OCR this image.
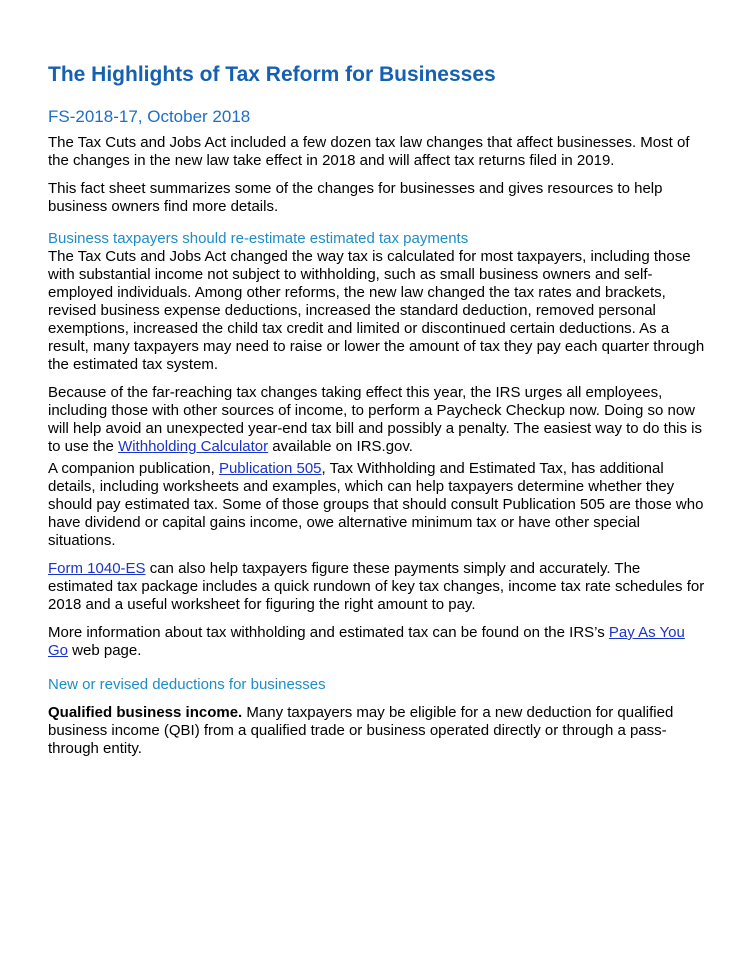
The Highlights of Tax Reform for Businesses
FS-2018-17, October 2018

The Tax Cuts and Jobs Act included a few dozen tax law changes that affect businesses. Most of the changes in the new law take effect in 2018 and will affect tax returns filed in 2019.

This fact sheet summarizes some of the changes for businesses and gives resources to help business owners find more details.

Business taxpayers should re-estimate estimated tax payments

The Tax Cuts and Jobs Act changed the way tax is calculated for most taxpayers, including those with substantial income not subject to withholding, such as small business owners and self-employed individuals. Among other reforms, the new law changed the tax rates and brackets, revised business expense deductions, increased the standard deduction, removed personal exemptions, increased the child tax credit and limited or discontinued certain deductions. As a result, many taxpayers may need to raise or lower the amount of tax they pay each quarter through the estimated tax system.

Because of the far-reaching tax changes taking effect this year, the IRS urges all employees, including those with other sources of income, to perform a Paycheck Checkup now. Doing so now will help avoid an unexpected year-end tax bill and possibly a penalty. The easiest way to do this is to use the Withholding Calculator available on IRS.gov.

A companion publication, Publication 505, Tax Withholding and Estimated Tax, has additional details, including worksheets and examples, which can help taxpayers determine whether they should pay estimated tax. Some of those groups that should consult Publication 505 are those who have dividend or capital gains income, owe alternative minimum tax or have other special situations.

Form 1040-ES can also help taxpayers figure these payments simply and accurately. The estimated tax package includes a quick rundown of key tax changes, income tax rate schedules for 2018 and a useful worksheet for figuring the right amount to pay.

More information about tax withholding and estimated tax can be found on the IRS’s Pay As You Go web page.

New or revised deductions for businesses

Qualified business income. Many taxpayers may be eligible for a new deduction for qualified business income (QBI) from a qualified trade or business operated directly or through a pass-through entity.
